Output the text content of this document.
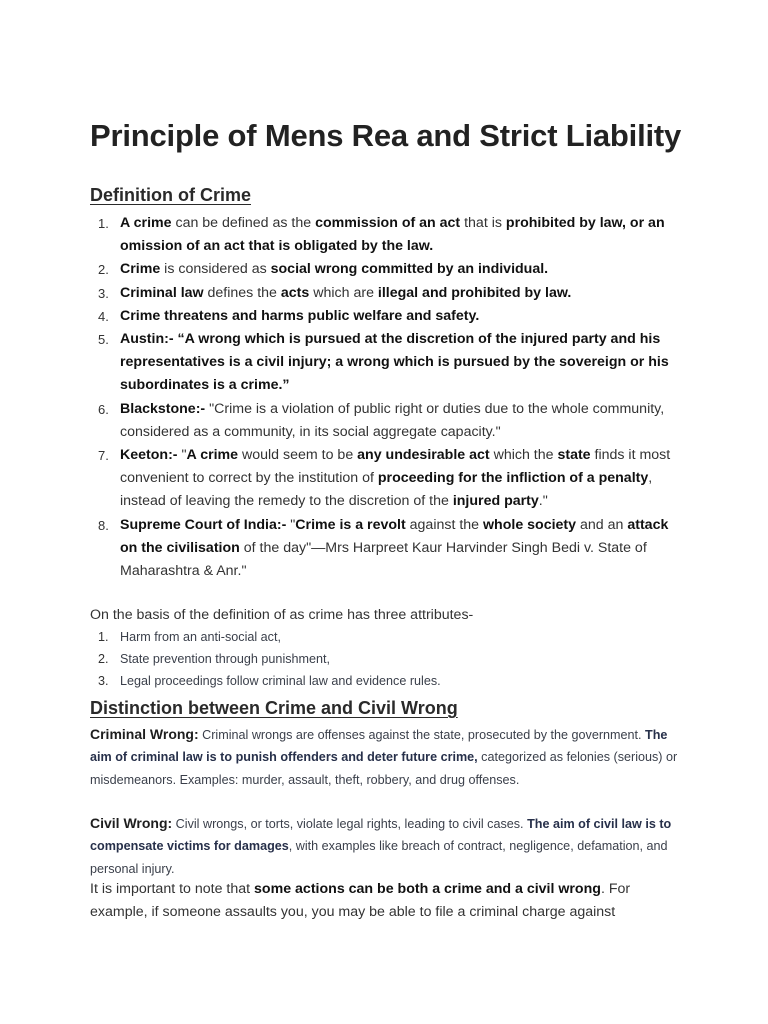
Principle of Mens Rea and Strict Liability
Definition of Crime
1. A crime can be defined as the commission of an act that is prohibited by law, or an omission of an act that is obligated by the law.
2. Crime is considered as social wrong committed by an individual.
3. Criminal law defines the acts which are illegal and prohibited by law.
4. Crime threatens and harms public welfare and safety.
5. Austin:- “A wrong which is pursued at the discretion of the injured party and his representatives is a civil injury; a wrong which is pursued by the sovereign or his subordinates is a crime.”
6. Blackstone:- "Crime is a violation of public right or duties due to the whole community, considered as a community, in its social aggregate capacity."
7. Keeton:- "A crime would seem to be any undesirable act which the state finds it most convenient to correct by the institution of proceeding for the infliction of a penalty, instead of leaving the remedy to the discretion of the injured party."
8. Supreme Court of India:- "Crime is a revolt against the whole society and an attack on the civilisation of the day"—Mrs Harpreet Kaur Harvinder Singh Bedi v. State of Maharashtra & Anr."

On the basis of the definition of as crime has three attributes-

1. Harm from an anti-social act,
2. State prevention through punishment,
3. Legal proceedings follow criminal law and evidence rules.
Distinction between Crime and Civil Wrong

Criminal Wrong: Criminal wrongs are offenses against the state, prosecuted by the government. The aim of criminal law is to punish offenders and deter future crime, categorized as felonies (serious) or misdemeanors. Examples: murder, assault, theft, robbery, and drug offenses.

Civil Wrong: Civil wrongs, or torts, violate legal rights, leading to civil cases. The aim of civil law is to compensate victims for damages, with examples like breach of contract, negligence, defamation, and personal injury.

It is important to note that some actions can be both a crime and a civil wrong. For example, if someone assaults you, you may be able to file a criminal charge against
